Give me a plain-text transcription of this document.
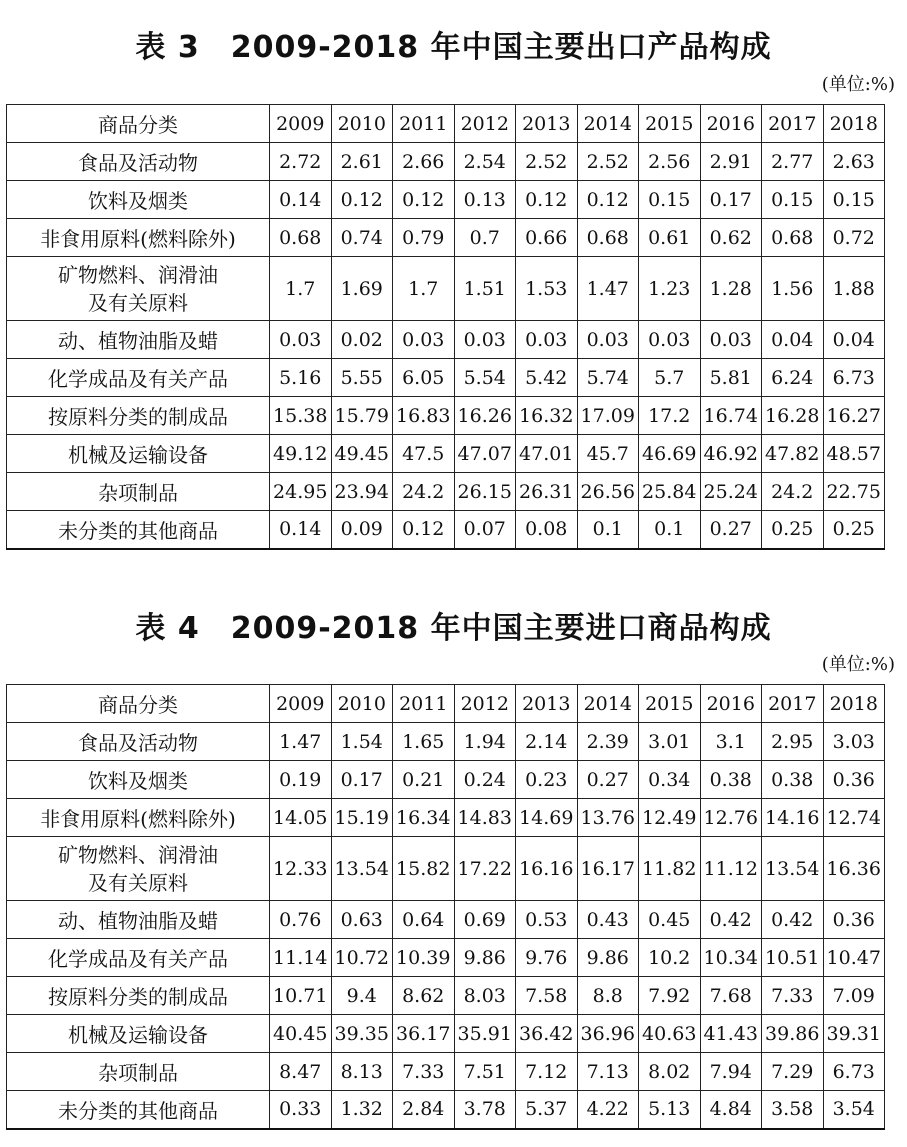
表 3　2009-2018 年中国主要出口产品构成
(单位:%)
商品分类	2009	2010	2011	2012	2013	2014	2015	2016	2017	2018
食品及活动物	2.72	2.61	2.66	2.54	2.52	2.52	2.56	2.91	2.77	2.63
饮料及烟类	0.14	0.12	0.12	0.13	0.12	0.12	0.15	0.17	0.15	0.15
非食用原料(燃料除外)	0.68	0.74	0.79	0.7	0.66	0.68	0.61	0.62	0.68	0.72

矿物燃料、润滑油
及有关原料	1.7	1.69	1.7	1.51	1.53	1.47	1.23	1.28	1.56	1.88
动、植物油脂及蜡	0.03	0.02	0.03	0.03	0.03	0.03	0.03	0.03	0.04	0.04
化学成品及有关产品	5.16	5.55	6.05	5.54	5.42	5.74	5.7	5.81	6.24	6.73
按原料分类的制成品	15.38	15.79	16.83	16.26	16.32	17.09	17.2	16.74	16.28	16.27
机械及运输设备	49.12	49.45	47.5	47.07	47.01	45.7	46.69	46.92	47.82	48.57
杂项制品	24.95	23.94	24.2	26.15	26.31	26.56	25.84	25.24	24.2	22.75
未分类的其他商品	0.14	0.09	0.12	0.07	0.08	0.1	0.1	0.27	0.25	0.25
表 4　2009-2018 年中国主要进口商品构成
(单位:%)
商品分类	2009	2010	2011	2012	2013	2014	2015	2016	2017	2018
食品及活动物	1.47	1.54	1.65	1.94	2.14	2.39	3.01	3.1	2.95	3.03
饮料及烟类	0.19	0.17	0.21	0.24	0.23	0.27	0.34	0.38	0.38	0.36
非食用原料(燃料除外)	14.05	15.19	16.34	14.83	14.69	13.76	12.49	12.76	14.16	12.74

矿物燃料、润滑油
及有关原料	12.33	13.54	15.82	17.22	16.16	16.17	11.82	11.12	13.54	16.36
动、植物油脂及蜡	0.76	0.63	0.64	0.69	0.53	0.43	0.45	0.42	0.42	0.36
化学成品及有关产品	11.14	10.72	10.39	9.86	9.76	9.86	10.2	10.34	10.51	10.47
按原料分类的制成品	10.71	9.4	8.62	8.03	7.58	8.8	7.92	7.68	7.33	7.09
机械及运输设备	40.45	39.35	36.17	35.91	36.42	36.96	40.63	41.43	39.86	39.31
杂项制品	8.47	8.13	7.33	7.51	7.12	7.13	8.02	7.94	7.29	6.73
未分类的其他商品	0.33	1.32	2.84	3.78	5.37	4.22	5.13	4.84	3.58	3.54
